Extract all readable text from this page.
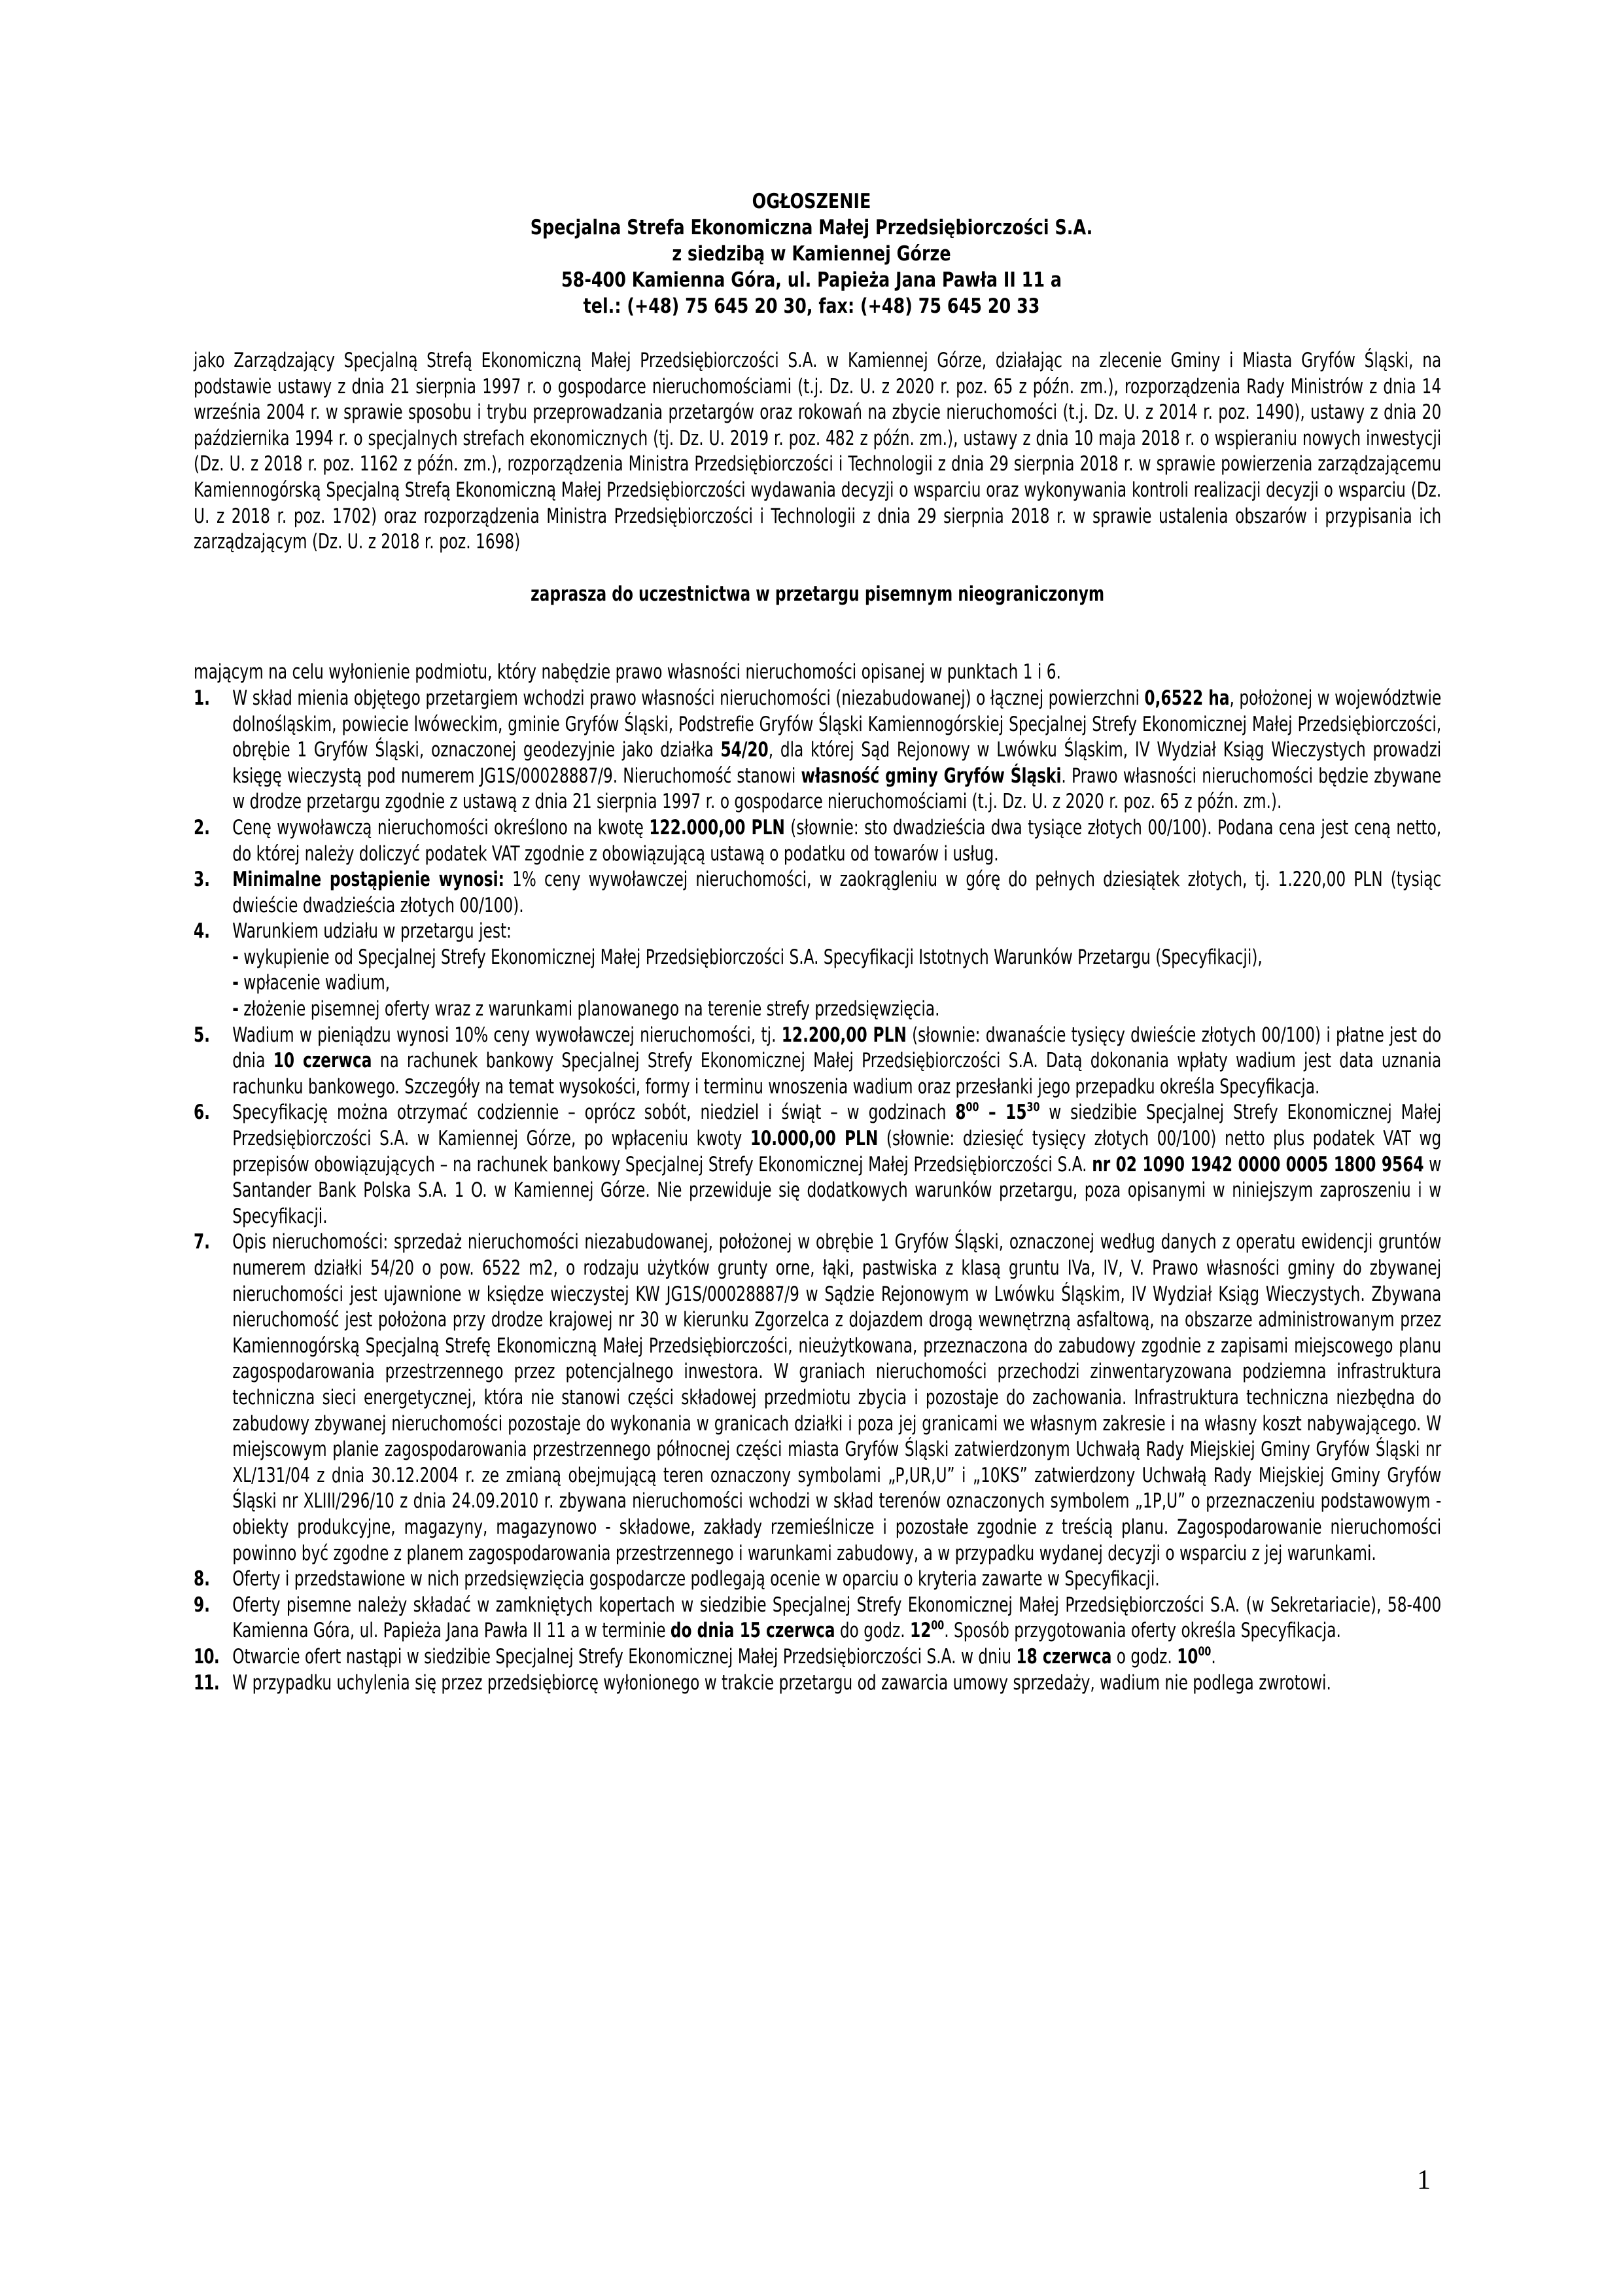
OGŁOSZENIE
Specjalna Strefa Ekonomiczna Małej Przedsiębiorczości S.A.
z siedzibą w Kamiennej Górze
58-400 Kamienna Góra, ul. Papieża Jana Pawła II 11 a
tel.: (+48) 75 645 20 30, fax: (+48) 75 645 20 33

jako Zarządzający Specjalną Strefą Ekonomiczną Małej Przedsiębiorczości S.A. w Kamiennej Górze, działając na zlecenie Gminy i Miasta Gryfów Śląski, na podstawie ustawy z dnia 21 sierpnia 1997 r. o gospodarce nieruchomościami (t.j. Dz. U. z 2020 r. poz. 65 z późn. zm.), rozporządzenia Rady Ministrów z dnia 14 września 2004 r. w sprawie sposobu i trybu przeprowadzania przetargów oraz rokowań na zbycie nieruchomości (t.j. Dz. U. z 2014 r. poz. 1490), ustawy z dnia 20 października 1994 r. o specjalnych strefach ekonomicznych (tj. Dz. U. 2019 r. poz. 482 z późn. zm.), ustawy z dnia 10 maja 2018 r. o wspieraniu nowych inwestycji (Dz. U. z 2018 r. poz. 1162 z późn. zm.), rozporządzenia Ministra Przedsiębiorczości i Technologii z dnia 29 sierpnia 2018 r. w sprawie powierzenia zarządzającemu Kamiennogórską Specjalną Strefą Ekonomiczną Małej Przedsiębiorczości wydawania decyzji o wsparciu oraz wykonywania kontroli realizacji decyzji o wsparciu (Dz. U. z 2018 r. poz. 1702) oraz rozporządzenia Ministra Przedsiębiorczości i Technologii z dnia 29 sierpnia 2018 r. w sprawie ustalenia obszarów i przypisania ich zarządzającym (Dz. U. z 2018 r. poz. 1698)

zaprasza do uczestnictwa w przetargu pisemnym nieograniczonym

mającym na celu wyłonienie podmiotu, który nabędzie prawo własności nieruchomości opisanej w punktach 1 i 6.

1. W skład mienia objętego przetargiem wchodzi prawo własności nieruchomości (niezabudowanej) o łącznej powierzchni 0,6522 ha, położonej w województwie dolnośląskim, powiecie lwóweckim, gminie Gryfów Śląski, Podstrefie Gryfów Śląski Kamiennogórskiej Specjalnej Strefy Ekonomicznej Małej Przedsiębiorczości, obrębie 1 Gryfów Śląski, oznaczonej geodezyjnie jako działka 54/20, dla której Sąd Rejonowy w Lwówku Śląskim, IV Wydział Ksiąg Wieczystych prowadzi księgę wieczystą pod numerem JG1S/00028887/9. Nieruchomość stanowi własność gminy Gryfów Śląski. Prawo własności nieruchomości będzie zbywane w drodze przetargu zgodnie z ustawą z dnia 21 sierpnia 1997 r. o gospodarce nieruchomościami (t.j. Dz. U. z 2020 r. poz. 65 z późn. zm.).
2. Cenę wywoławczą nieruchomości określono na kwotę 122.000,00 PLN (słownie: sto dwadzieścia dwa tysiące złotych 00/100). Podana cena jest ceną netto, do której należy doliczyć podatek VAT zgodnie z obowiązującą ustawą o podatku od towarów i usług.
3. Minimalne postąpienie wynosi: 1% ceny wywoławczej nieruchomości, w zaokrągleniu w górę do pełnych dziesiątek złotych, tj. 1.220,00 PLN (tysiąc dwieście dwadzieścia złotych 00/100).
4. Warunkiem udziału w przetargu jest:
- wykupienie od Specjalnej Strefy Ekonomicznej Małej Przedsiębiorczości S.A. Specyfikacji Istotnych Warunków Przetargu (Specyfikacji),
- wpłacenie wadium,
- złożenie pisemnej oferty wraz z warunkami planowanego na terenie strefy przedsięwzięcia.
5. Wadium w pieniądzu wynosi 10% ceny wywoławczej nieruchomości, tj. 12.200,00 PLN (słownie: dwanaście tysięcy dwieście złotych 00/100) i płatne jest do dnia 10 czerwca na rachunek bankowy Specjalnej Strefy Ekonomicznej Małej Przedsiębiorczości S.A. Datą dokonania wpłaty wadium jest data uznania rachunku bankowego. Szczegóły na temat wysokości, formy i terminu wnoszenia wadium oraz przesłanki jego przepadku określa Specyfikacja.
6. Specyfikację można otrzymać codziennie – oprócz sobót, niedziel i świąt – w godzinach $8^{00} - 15^{30}$ w siedzibie Specjalnej Strefy Ekonomicznej Małej Przedsiębiorczości S.A. w Kamiennej Górze, po wpłaceniu kwoty 10.000,00 PLN (słownie: dziesięć tysięcy złotych 00/100) netto plus podatek VAT wg przepisów obowiązujących – na rachunek bankowy Specjalnej Strefy Ekonomicznej Małej Przedsiębiorczości S.A. nr 02 1090 1942 0000 0005 1800 9564 w Santander Bank Polska S.A. 1 O. w Kamiennej Górze. Nie przewiduje się dodatkowych warunków przetargu, poza opisanymi w niniejszym zaproszeniu i w Specyfikacji.
7. Opis nieruchomości: sprzedaż nieruchomości niezabudowanej, położonej w obrębie 1 Gryfów Śląski, oznaczonej według danych z operatu ewidencji gruntów numerem działki 54/20 o pow. 6522 m2, o rodzaju użytków grunty orne, łąki, pastwiska z klasą gruntu IVa, IV, V. Prawo własności gminy do zbywanej nieruchomości jest ujawnione w księdze wieczystej KW JG1S/00028887/9 w Sądzie Rejonowym w Lwówku Śląskim, IV Wydział Ksiąg Wieczystych. Zbywana nieruchomość jest położona przy drodze krajowej nr 30 w kierunku Zgorzelca z dojazdem drogą wewnętrzną asfaltową, na obszarze administrowanym przez Kamiennogórską Specjalną Strefę Ekonomiczną Małej Przedsiębiorczości, nieużytkowana, przeznaczona do zabudowy zgodnie z zapisami miejscowego planu zagospodarowania przestrzennego przez potencjalnego inwestora. W graniach nieruchomości przechodzi zinwentaryzowana podziemna infrastruktura techniczna sieci energetycznej, która nie stanowi części składowej przedmiotu zbycia i pozostaje do zachowania. Infrastruktura techniczna niezbędna do zabudowy zbywanej nieruchomości pozostaje do wykonania w granicach działki i poza jej granicami we własnym zakresie i na własny koszt nabywającego. W miejscowym planie zagospodarowania przestrzennego północnej części miasta Gryfów Śląski zatwierdzonym Uchwałą Rady Miejskiej Gminy Gryfów Śląski nr XL/131/04 z dnia 30.12.2004 r. ze zmianą obejmującą teren oznaczony symbolami „P,UR,U” i „10KS” zatwierdzony Uchwałą Rady Miejskiej Gminy Gryfów Śląski nr XLIII/296/10 z dnia 24.09.2010 r. zbywana nieruchomości wchodzi w skład terenów oznaczonych symbolem „1P,U” o przeznaczeniu podstawowym - obiekty produkcyjne, magazyny, magazynowo - składowe, zakłady rzemieślnicze i pozostałe zgodnie z treścią planu. Zagospodarowanie nieruchomości powinno być zgodne z planem zagospodarowania przestrzennego i warunkami zabudowy, a w przypadku wydanej decyzji o wsparciu z jej warunkami.
8. Oferty i przedstawione w nich przedsięwzięcia gospodarcze podlegają ocenie w oparciu o kryteria zawarte w Specyfikacji.
9. Oferty pisemne należy składać w zamkniętych kopertach w siedzibie Specjalnej Strefy Ekonomicznej Małej Przedsiębiorczości S.A. (w Sekretariacie), 58-400 Kamienna Góra, ul. Papieża Jana Pawła II 11 a w terminie do dnia 15 czerwca do godz. $12^{00}$. Sposób przygotowania oferty określa Specyfikacja.
10. Otwarcie ofert nastąpi w siedzibie Specjalnej Strefy Ekonomicznej Małej Przedsiębiorczości S.A. w dniu 18 czerwca o godz. $10^{00}$.
11. W przypadku uchylenia się przez przedsiębiorcę wyłonionego w trakcie przetargu od zawarcia umowy sprzedaży, wadium nie podlega zwrotowi.
1
